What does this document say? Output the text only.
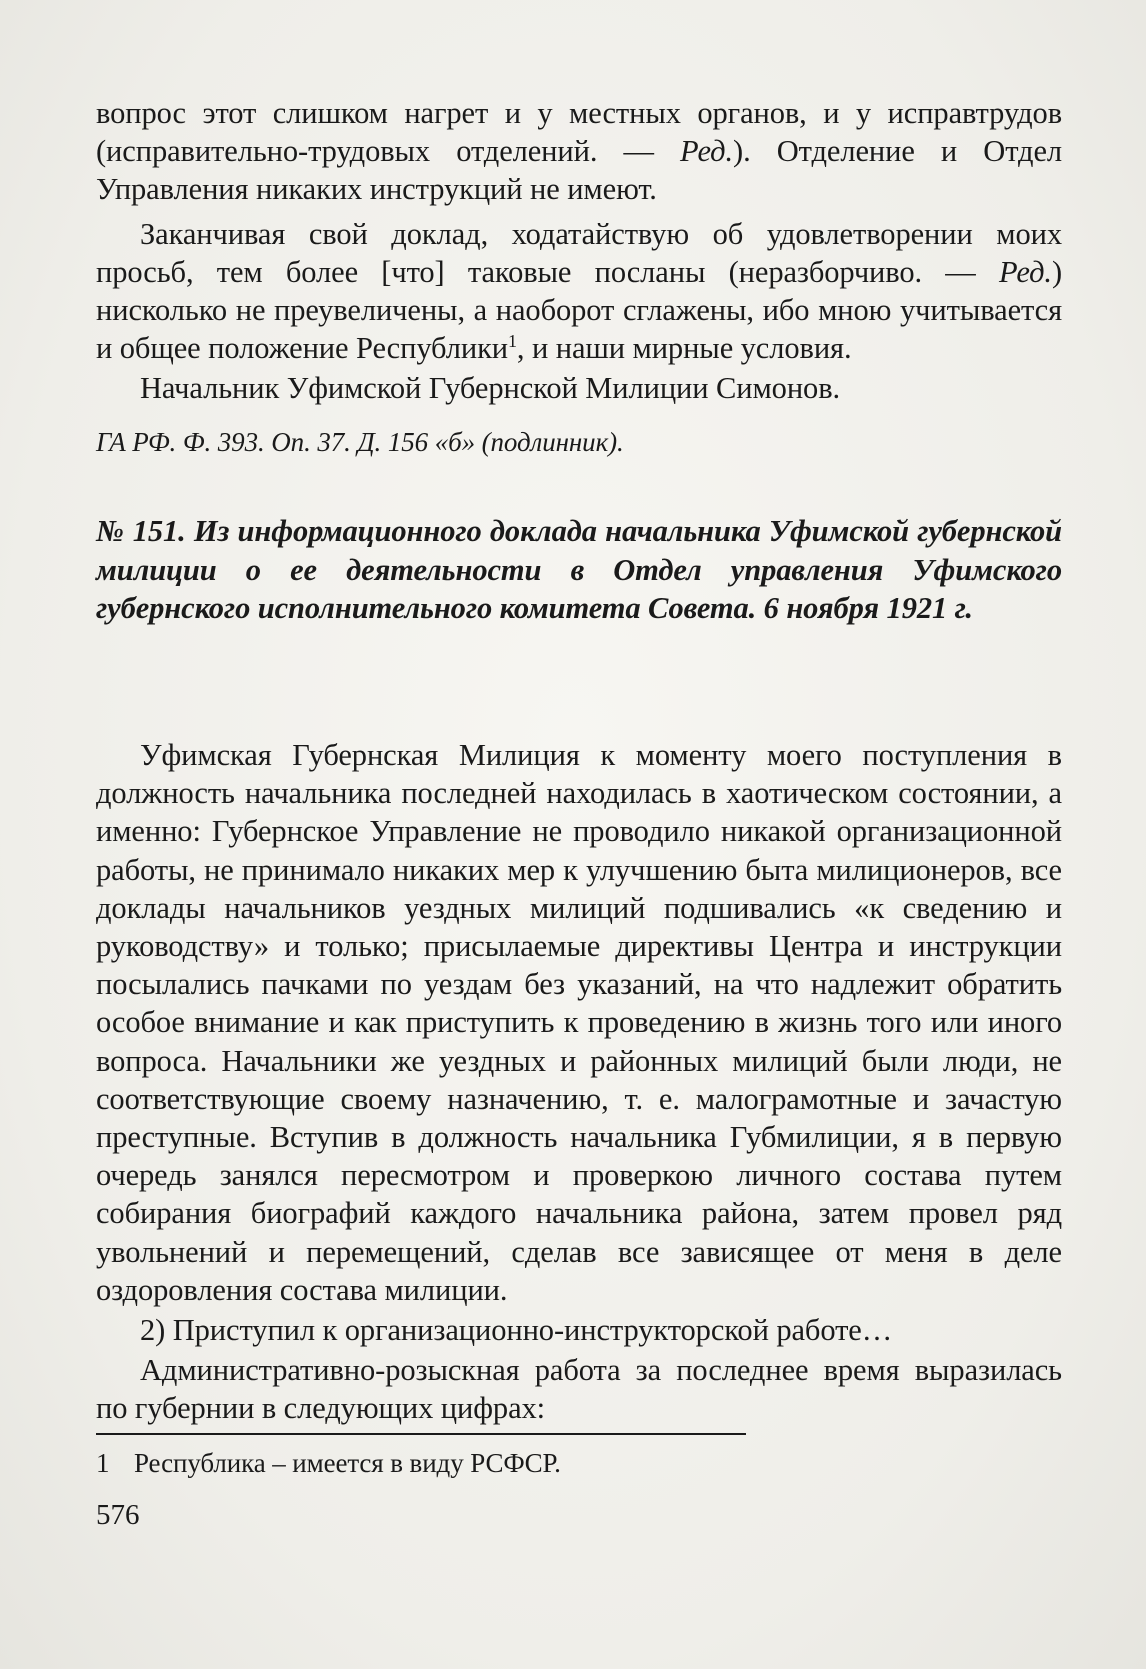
вопрос этот слишком нагрет и у местных органов, и у исправтрудов (исправительно-трудовых отделений. — Ред.). Отделение и Отдел Управления никаких инструкций не имеют.

Заканчивая свой доклад, ходатайствую об удовлетворении моих просьб, тем более [что] таковые посланы (неразборчиво. — Ред.) нисколько не преувеличены, а наоборот сглажены, ибо мною учитывается и общее положение Республики$^1$, и наши мирные условия.

Начальник Уфимской Губернской Милиции Симонов.

ГА РФ. Ф. 393. Оп. 37. Д. 156 «б» (подлинник).

№ 151. Из информационного доклада начальника Уфимской губернской милиции о ее деятельности в Отдел управления Уфимского губернского исполнительного комитета Совета. 6 ноября 1921 г.

Уфимская Губернская Милиция к моменту моего поступления в должность начальника последней находилась в хаотическом состоянии, а именно: Губернское Управление не проводило никакой организационной работы, не принимало никаких мер к улучшению быта милиционеров, все доклады начальников уездных милиций подшивались «к сведению и руководству» и только; присылаемые директивы Центра и инструкции посылались пачками по уездам без указаний, на что надлежит обратить особое внимание и как приступить к проведению в жизнь того или иного вопроса. Начальники же уездных и районных милиций были люди, не соответствующие своему назначению, т. е. малограмотные и зачастую преступные. Вступив в должность начальника Губмилиции, я в первую очередь занялся пересмотром и проверкою личного состава путем собирания биографий каждого начальника района, затем провел ряд увольнений и перемещений, сделав все зависящее от меня в деле оздоровления состава милиции.

2) Приступил к организационно-инструкторской работе…

Административно-розыскная работа за последнее время выразилась по губернии в следующих цифрах:

1 Республика – имеется в виду РСФСР.

576
